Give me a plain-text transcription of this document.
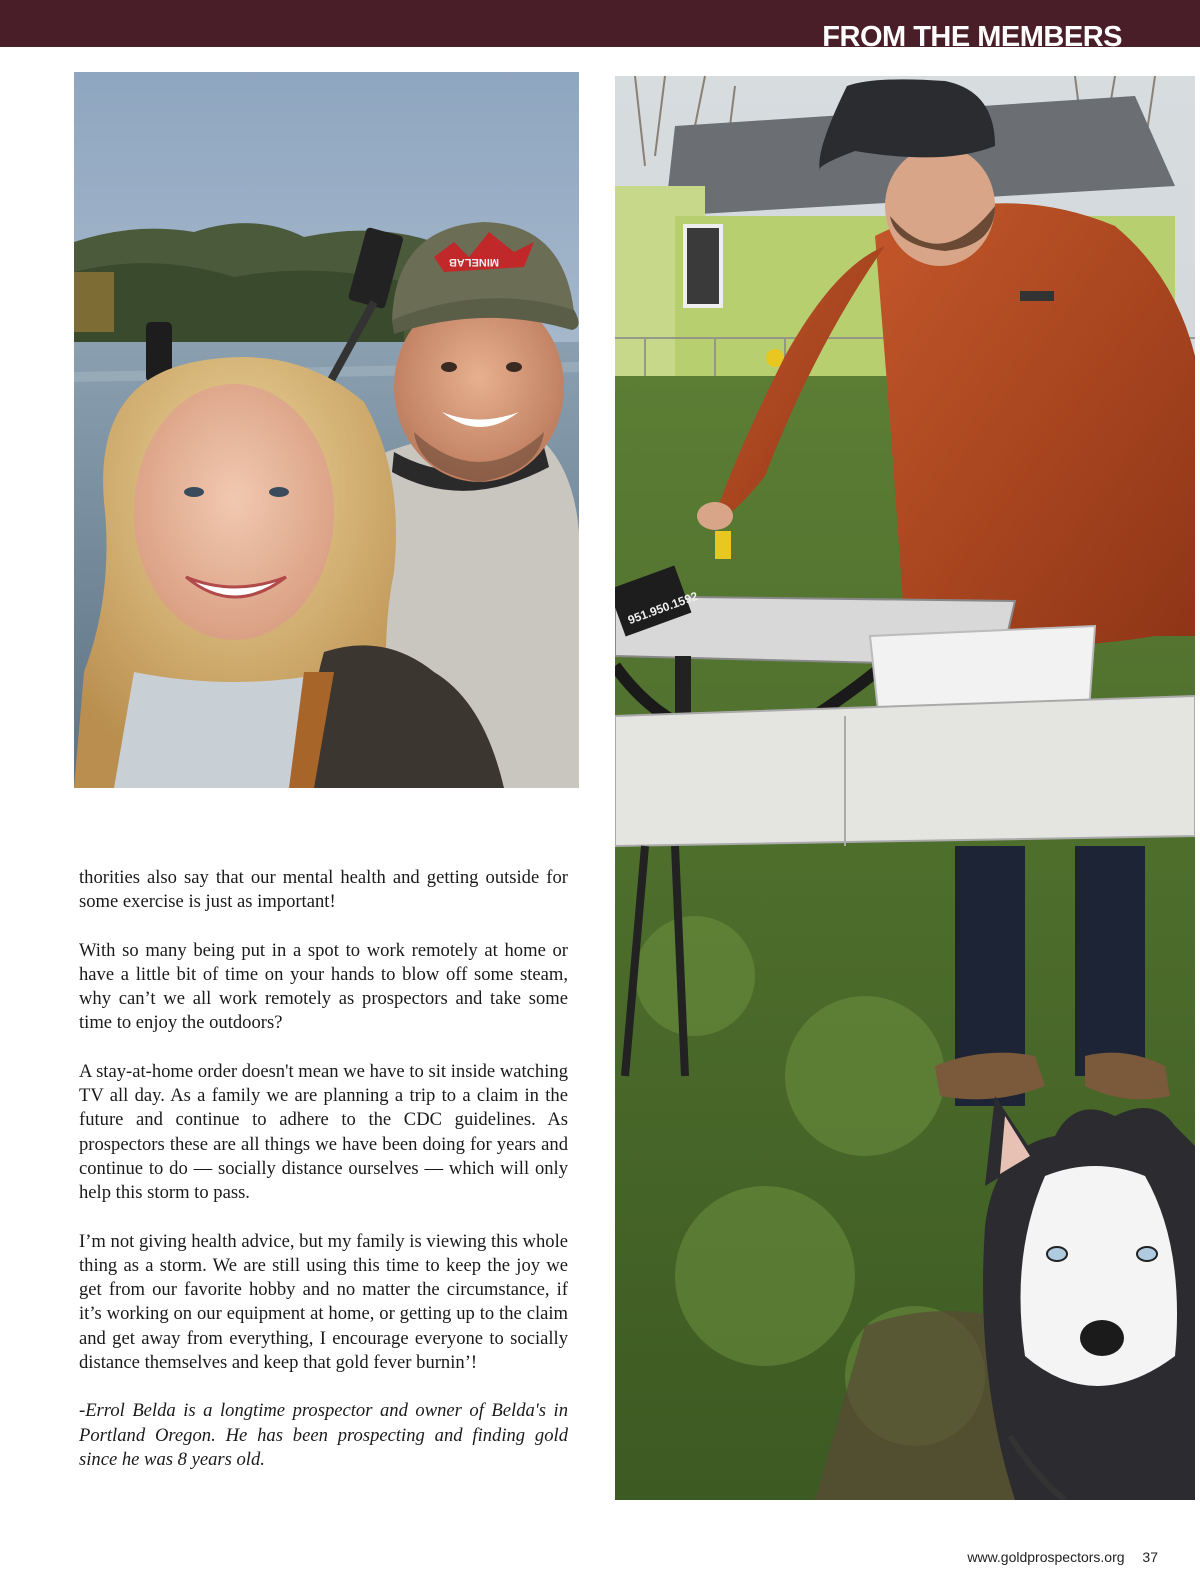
FROM THE MEMBERS
MINELAB
951.950.1592

thorities also say that our mental health and getting outside for some exercise is just as important!

With so many being put in a spot to work remotely at home or have a little bit of time on your hands to blow off some steam, why can’t we all work remotely as prospectors and take some time to enjoy the outdoors?

A stay-at-home order doesn't mean we have to sit inside watching TV all day. As a family we are planning a trip to a claim in the future and continue to adhere to the CDC guidelines. As prospectors these are all things we have been doing for years and continue to do — socially distance ourselves — which will only help this storm to pass.

I’m not giving health advice, but my family is viewing this whole thing as a storm. We are still using this time to keep the joy we get from our favorite hobby and no matter the circumstance, if it’s working on our equipment at home, or getting up to the claim and get away from everything, I encourage everyone to socially distance themselves and keep that gold fever burnin’!

-Errol Belda is a longtime prospector and owner of Belda's in Portland Oregon. He has been prospecting and finding gold since he was 8 years old.

www.goldprospectors.org 37
